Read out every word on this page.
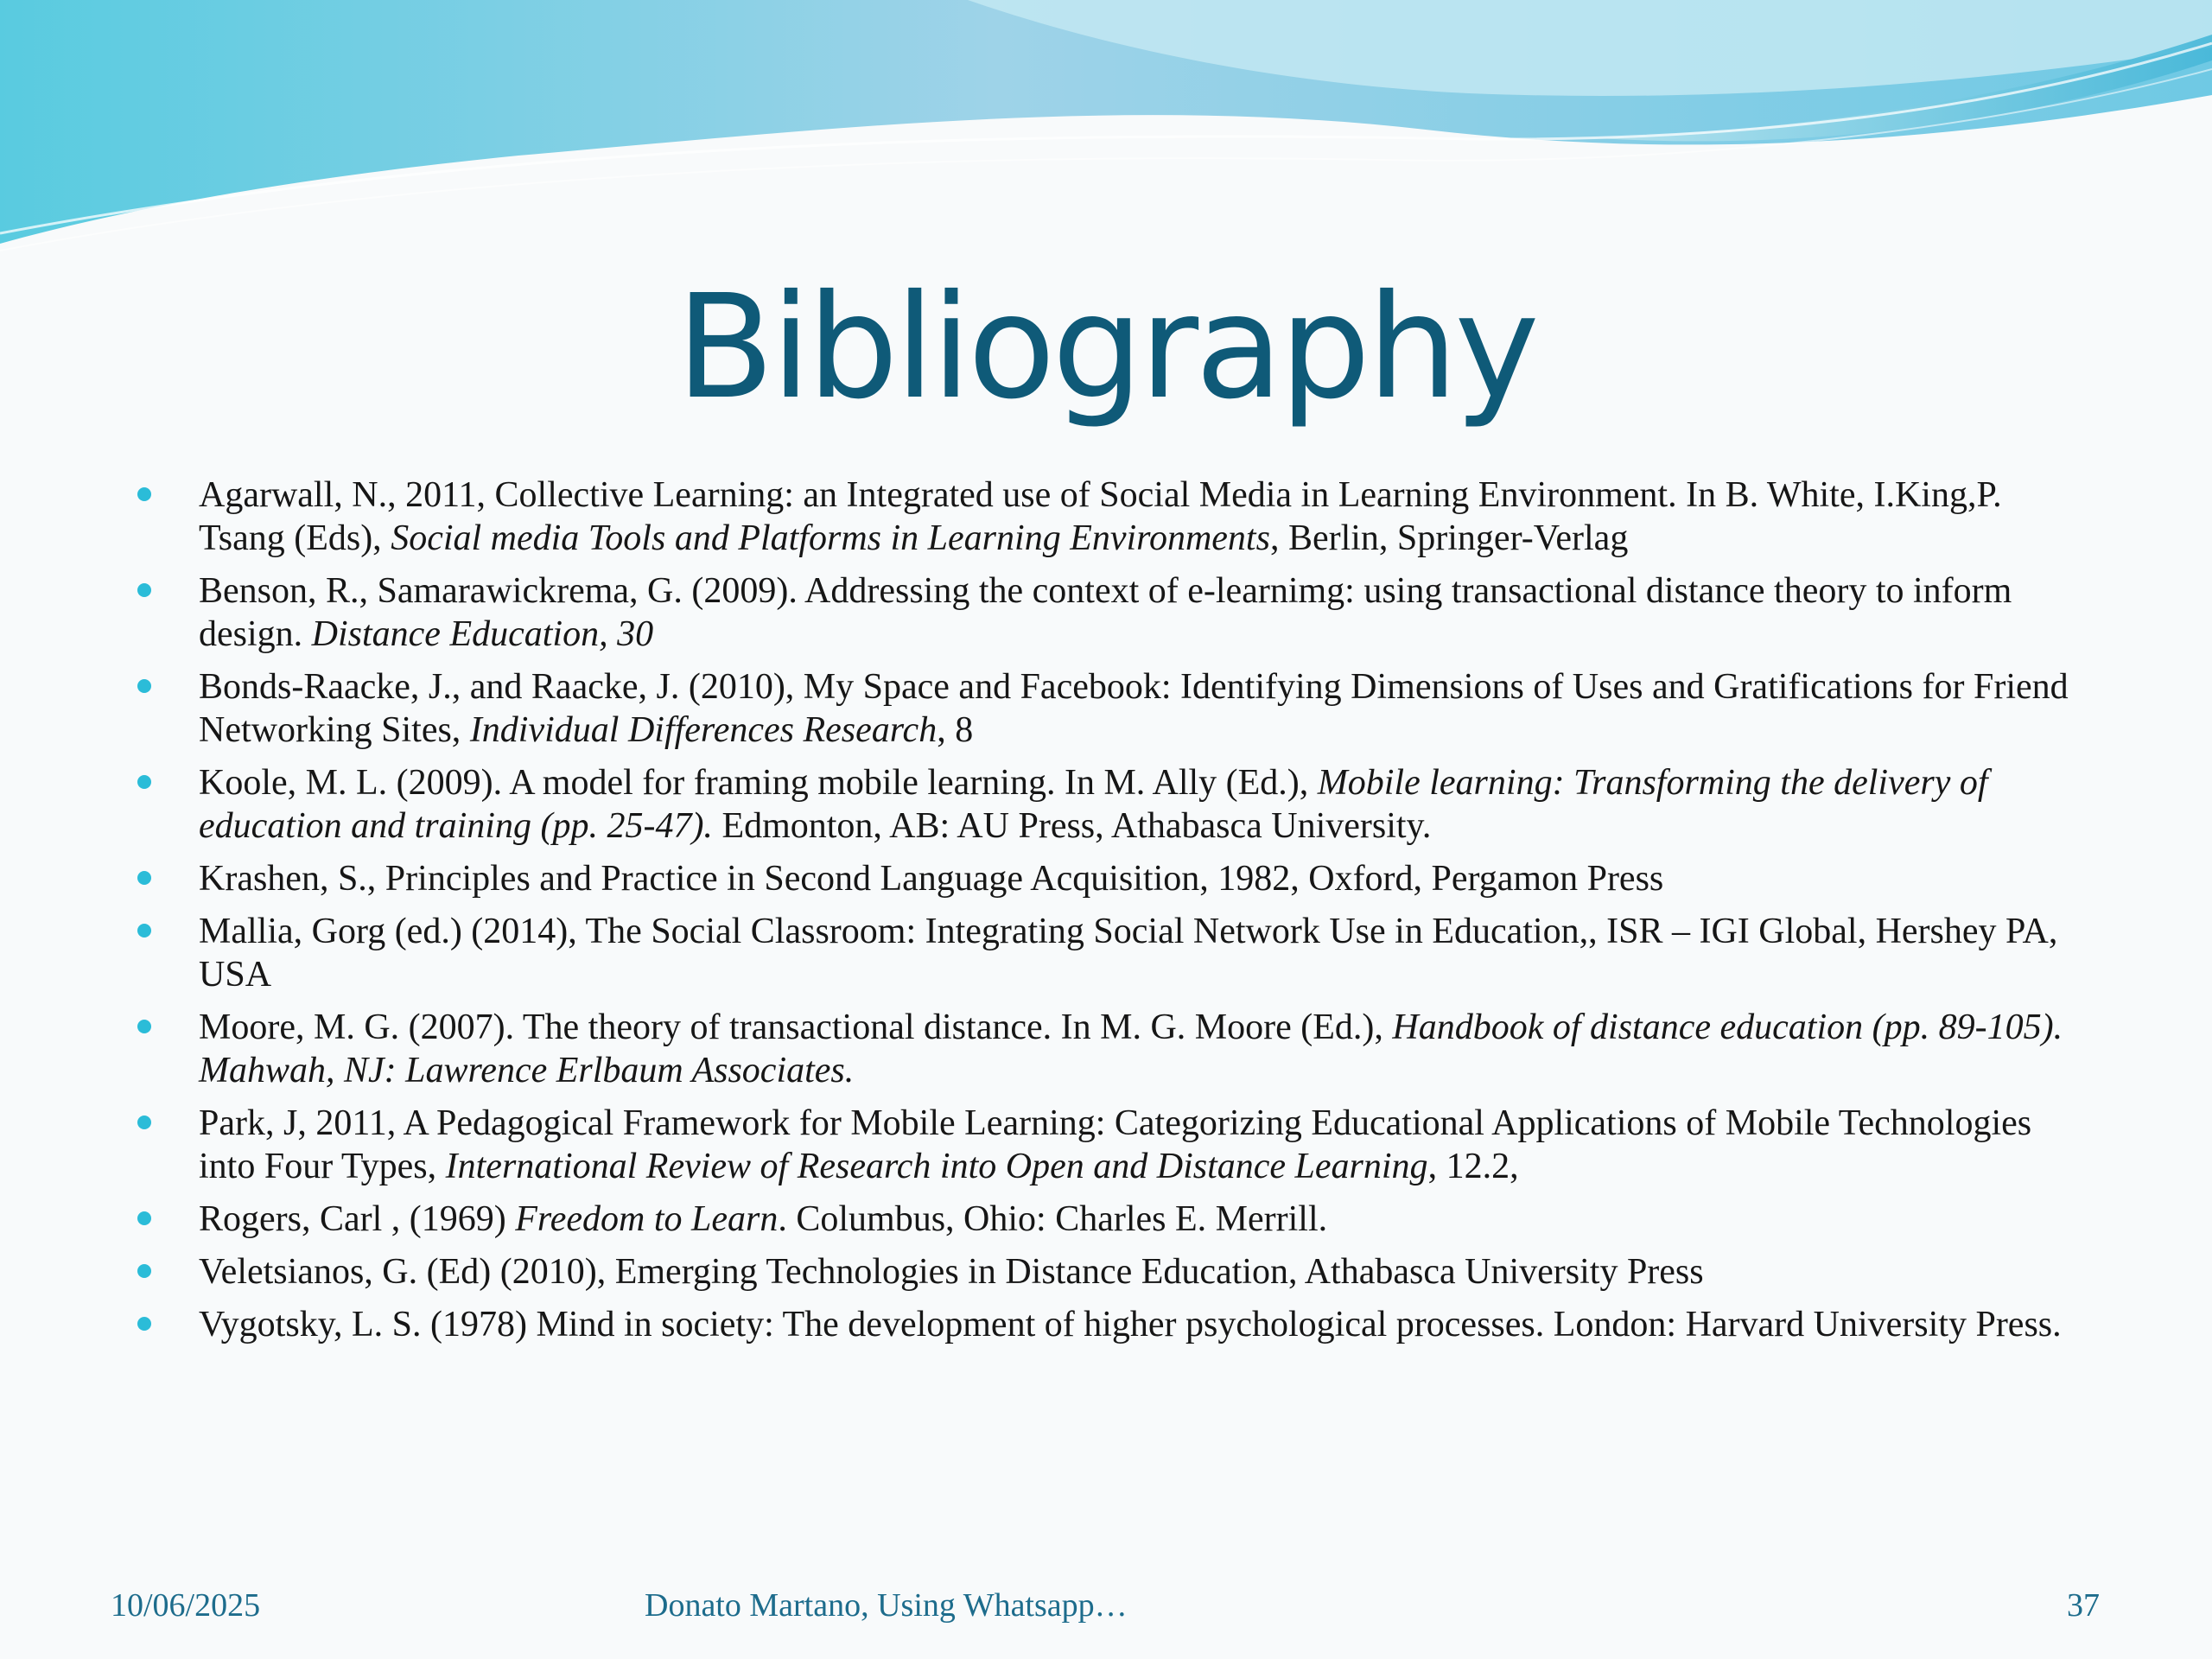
Bibliography
Agarwall, N., 2011, Collective Learning: an Integrated use of Social Media in Learning Environment. In B. White, I.King,P. Tsang (Eds), Social media Tools and Platforms in Learning Environments, Berlin, Springer-Verlag
Benson, R., Samarawickrema, G. (2009). Addressing the context of e-learnimg: using transactional distance theory to inform design. Distance Education, 30
Bonds-Raacke, J., and Raacke, J. (2010), My Space and Facebook: Identifying Dimensions of Uses and Gratifications for Friend Networking Sites, Individual Differences Research, 8
Koole, M. L. (2009). A model for framing mobile learning. In M. Ally (Ed.), Mobile learning: Transforming the delivery of education and training (pp. 25-47). Edmonton, AB: AU Press, Athabasca University.
Krashen, S., Principles and Practice in Second Language Acquisition, 1982, Oxford, Pergamon Press
Mallia, Gorg (ed.) (2014), The Social Classroom: Integrating Social Network Use in Education,, ISR – IGI Global, Hershey PA, USA
Moore, M. G. (2007). The theory of transactional distance. In M. G. Moore (Ed.), Handbook of distance education (pp. 89-105). Mahwah, NJ: Lawrence Erlbaum Associates.
Park, J, 2011, A Pedagogical Framework for Mobile Learning: Categorizing Educational Applications of Mobile Technologies into Four Types, International Review of Research into Open and Distance Learning, 12.2,
Rogers, Carl , (1969) Freedom to Learn. Columbus, Ohio: Charles E. Merrill.
Veletsianos, G. (Ed) (2010), Emerging Technologies in Distance Education, Athabasca University Press
Vygotsky, L. S. (1978) Mind in society: The development of higher psychological processes. London: Harvard University Press.
10/06/2025	Donato Martano, Using Whatsapp…	37
